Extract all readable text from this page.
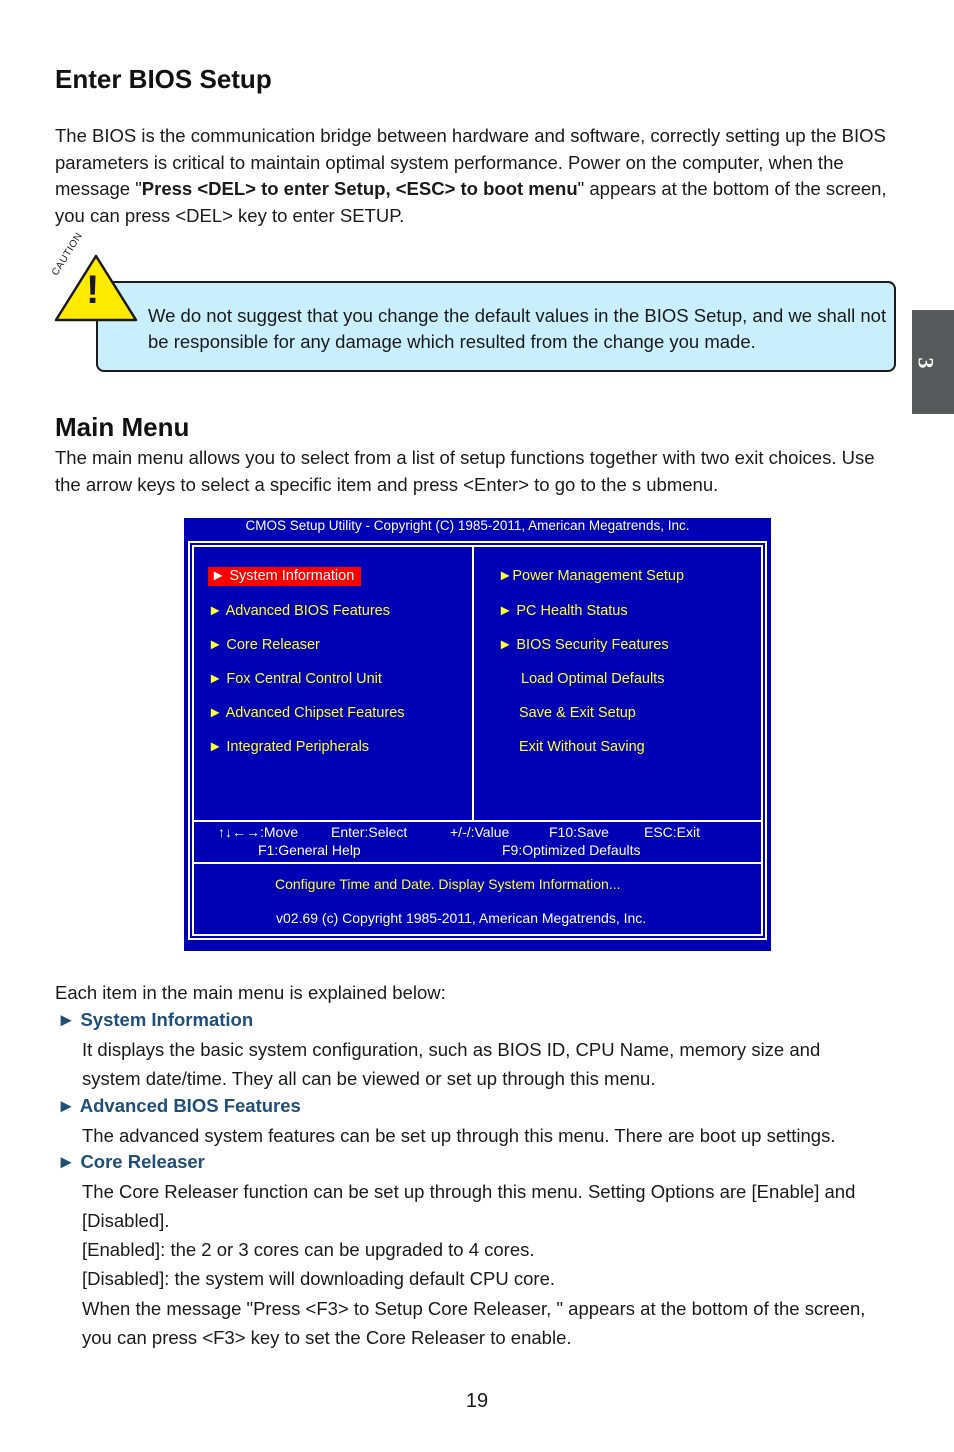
3
Enter BIOS Setup

The BIOS is the communication bridge between hardware and software, correctly setting up the BIOS parameters is critical to maintain optimal system performance. Power on the computer, when the message "Press <DEL> to enter Setup, <ESC> to boot menu" appears at the bottom of the screen, you can press <DEL> key to enter SETUP.

!
CAUTION

We do not suggest that you change the default values in the BIOS Setup, and we shall not be responsible for any damage which resulted from the change you made.

Main Menu

The main menu allows you to select from a list of setup functions together with two exit choices. Use the arrow keys to select a specific item and press <Enter> to go to the s ubmenu.

CMOS Setup Utility - Copyright (C) 1985-2011, American Megatrends, Inc.
► System Information
► Advanced BIOS Features
► Core Releaser
► Fox Central Control Unit
► Advanced Chipset Features
► Integrated Peripherals
►Power Management Setup
► PC Health Status
► BIOS Security Features
Load Optimal Defaults
Save & Exit Setup
Exit Without Saving
↑↓←→:Move Enter:Select	+/-/:Value	F10:Save	ESC:Exit
F1:General Help	F9:Optimized Defaults
Configure Time and Date. Display System Information...
v02.69 (c) Copyright 1985-2011, American Megatrends, Inc.

Each item in the main menu is explained below:

► System Information

It displays the basic system configuration, such as BIOS ID, CPU Name, memory size and system date/time. They all can be viewed or set up through this menu.

► Advanced BIOS Features

The advanced system features can be set up through this menu. There are boot up settings.

► Core Releaser

The Core Releaser function can be set up through this menu. Setting Options are [Enable] and [Disabled].

[Enabled]: the 2 or 3 cores can be upgraded to 4 cores.

[Disabled]: the system will downloading default CPU core.

When the message "Press <F3> to Setup Core Releaser, " appears at the bottom of the screen, you can press <F3> key to set the Core Releaser to enable.

19
